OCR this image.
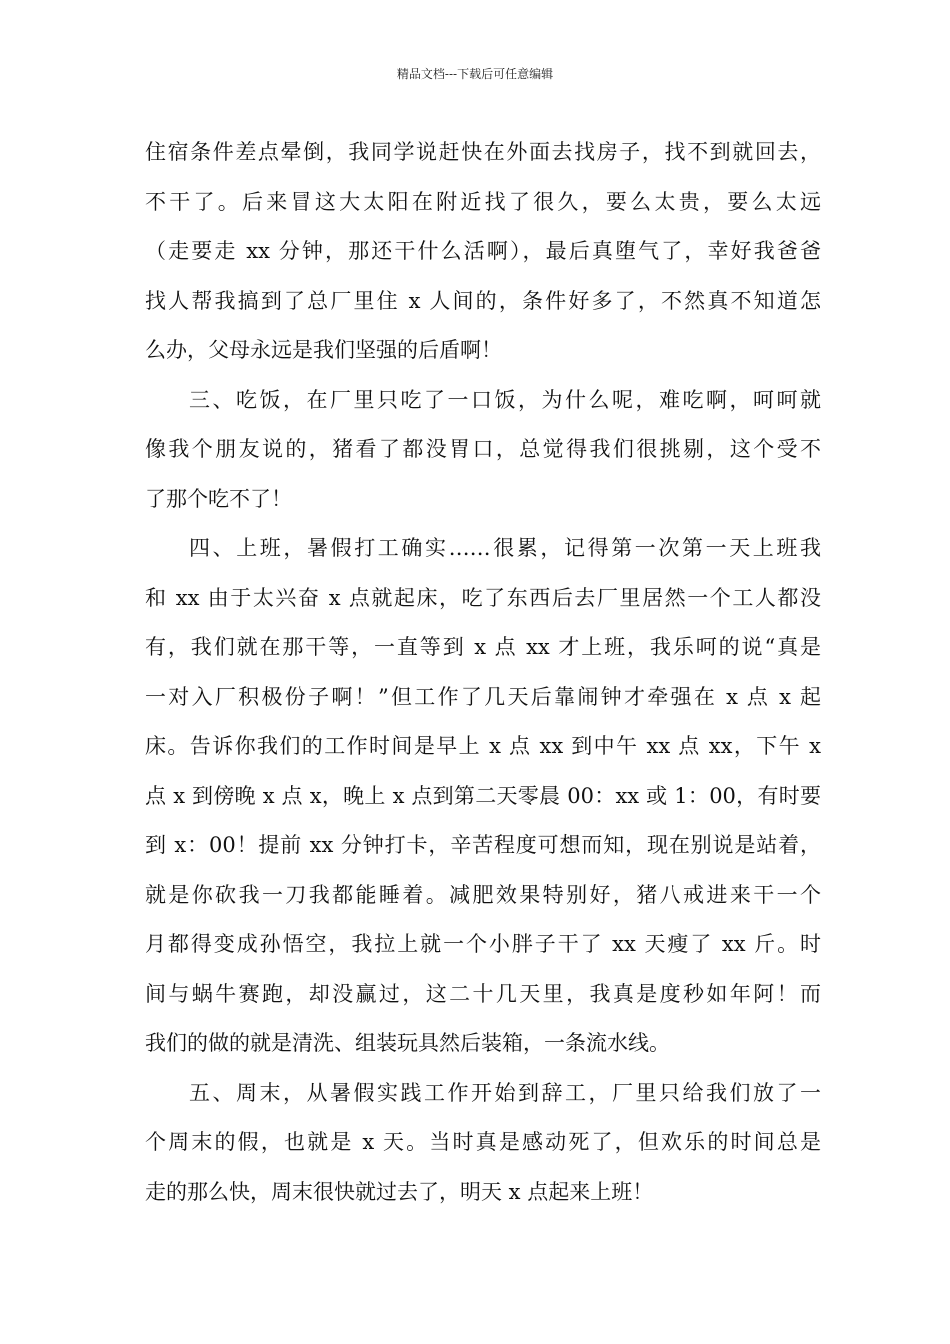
精品文档---下载后可任意编辑
住宿条件差点晕倒，我同学说赶快在外面去找房子，找不到就回去，
不干了。后来冒这大太阳在附近找了很久，要么太贵，要么太远
（走要走 xx 分钟，那还干什么活啊），最后真堕气了，幸好我爸爸
找人帮我搞到了总厂里住 x 人间的，条件好多了，不然真不知道怎
么办，父母永远是我们坚强的后盾啊！
三、吃饭，在厂里只吃了一口饭，为什么呢，难吃啊，呵呵就
像我个朋友说的，猪看了都没胃口，总觉得我们很挑剔，这个受不
了那个吃不了！
四、上班，暑假打工确实……很累，记得第一次第一天上班我
和 xx 由于太兴奋 x 点就起床，吃了东西后去厂里居然一个工人都没
有，我们就在那干等，一直等到 x 点 xx 才上班，我乐呵的说“真是
一对入厂积极份子啊！”但工作了几天后靠闹钟才牵强在 x 点 x 起
床。告诉你我们的工作时间是早上 x 点 xx 到中午 xx 点 xx，下午 x
点 x 到傍晚 x 点 x，晚上 x 点到第二天零晨 00：xx 或 1：00，有时要
到 x：00！提前 xx 分钟打卡，辛苦程度可想而知，现在别说是站着，
就是你砍我一刀我都能睡着。减肥效果特别好，猪八戒进来干一个
月都得变成孙悟空，我拉上就一个小胖子干了 xx 天瘦了 xx 斤。时
间与蜗牛赛跑，却没赢过，这二十几天里，我真是度秒如年阿！而
我们的做的就是清洗、组装玩具然后装箱，一条流水线。
五、周末，从暑假实践工作开始到辞工，厂里只给我们放了一
个周末的假，也就是 x 天。当时真是感动死了，但欢乐的时间总是
走的那么快，周末很快就过去了，明天 x 点起来上班！
